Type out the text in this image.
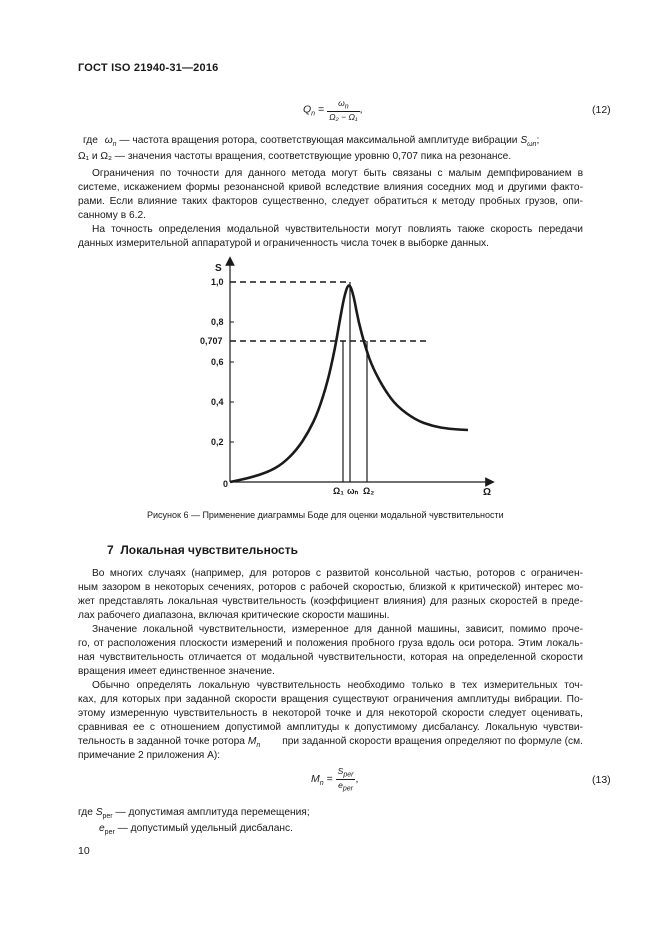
ГОСТ ISO 21940-31—2016
$Q_n = \frac{\omega_n}{\text{Ω₂ − Ω₁}}$ ,	(12)
где $\omega_n$ — частота вращения ротора, соответствующая максимальной амплитуде вибрации $S_{\omega n}$;
Ω₁ и Ω₂ — значения частоты вращения, соответствующие уровню 0,707 пика на резонансе.
Ограничения по точности для данного метода могут быть связаны с малым демпфированием в
системе, искажением формы резонансной кривой вследствие влияния соседних мод и другими факто-
рами. Если влияние таких факторов существенно, следует обратиться к методу пробных грузов, опи-
санному в 6.2.
На точность определения модальной чувствительности могут повлиять также скорость передачи
данных измерительной аппаратурой и ограниченность числа точек в выборке данных.
S
Ω
0
1,0
0,8
0,707
0,6
0,4
0,2
Ω₁ ωₙ Ω₂
Рисунок 6 — Применение диаграммы Боде для оценки модальной чувствительности
7 Локальная чувствительность
Во многих случаях (например, для роторов с развитой консольной частью, роторов с ограничен-
ным зазором в некоторых сечениях, роторов с рабочей скоростью, близкой к критической) интерес мо-
жет представлять локальная чувствительность (коэффициент влияния) для разных скоростей в преде-
лах рабочего диапазона, включая критические скорости машины.
Значение локальной чувствительности, измеренное для данной машины, зависит, помимо проче-
го, от расположения плоскости измерений и положения пробного груза вдоль оси ротора. Этим локаль-
ная чувствительность отличается от модальной чувствительности, которая на определенной скорости
вращения имеет единственное значение.
Обычно определять локальную чувствительность необходимо только в тех измерительных точ-
ках, для которых при заданной скорости вращения существуют ограничения амплитуды вибрации. По-
этому измеренную чувствительность в некоторой точке и для некоторой скорости следует оценивать,
сравнивая ее с отношением допустимой амплитуды к допустимому дисбалансу. Локальную чувстви-
тельность в заданной точке ротора $M_n$ при заданной скорости вращения определяют по формуле (см.
примечание 2 приложения А):
$M_n = \frac{S_{per}}{e_{per}}$ ,	(13)
где $S_{per}$ — допустимая амплитуда перемещения;
$e_{per}$ — допустимый удельный дисбаланс.
10
